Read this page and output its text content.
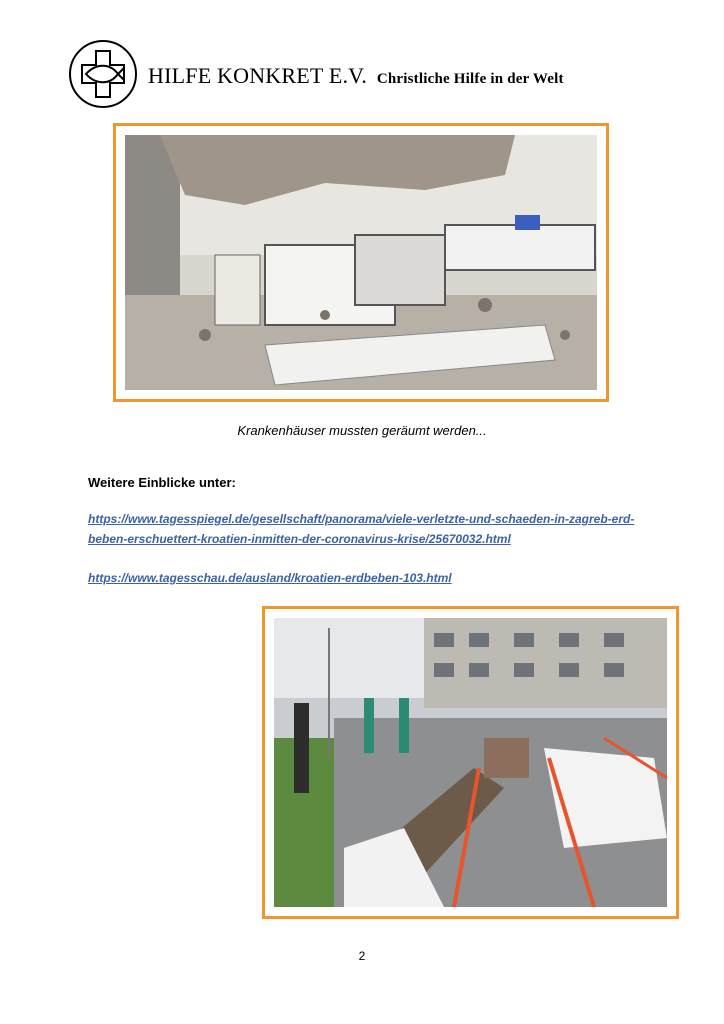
HILFE KONKRET E.V. Christliche Hilfe in der Welt
Krankenhäuser mussten geräumt werden...
Weitere Einblicke unter:
https://www.tagesspiegel.de/gesellschaft/panorama/viele-verletzte-und-schaeden-in-zagreb-erd-beben-erschuettert-kroatien-inmitten-der-coronavirus-krise/25670032.html
https://www.tagesschau.de/ausland/kroatien-erdbeben-103.html
2
